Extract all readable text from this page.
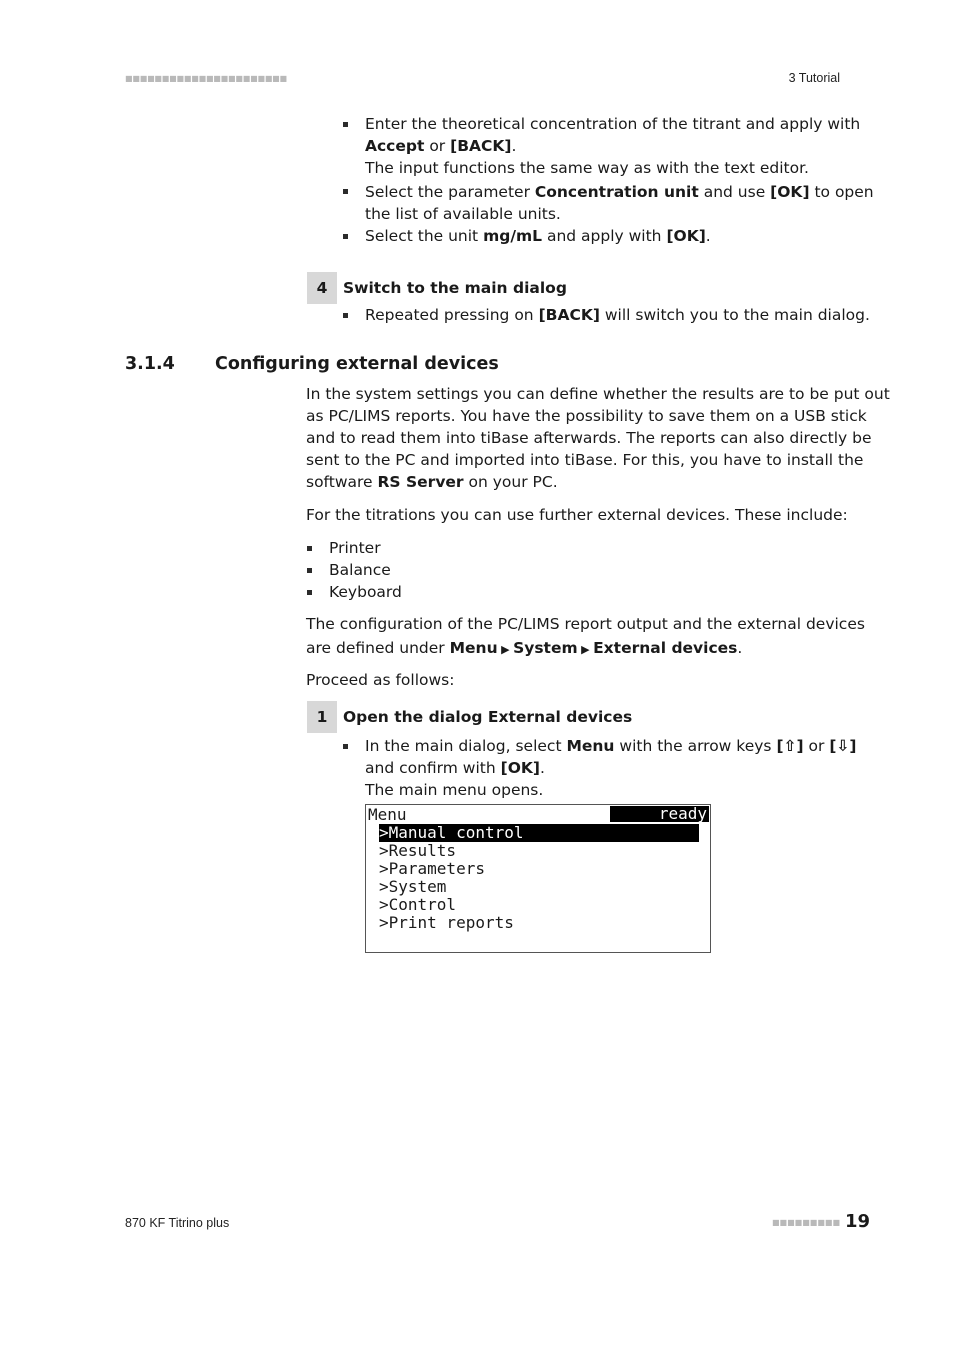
■■■■■■■■■■■■■■■■■■■■■■	3 Tutorial
Enter the theoretical concentration of the titrant and apply with
Accept or [BACK].
The input functions the same way as with the text editor.
Select the parameter Concentration unit and use [OK] to open
the list of available units.
Select the unit mg/mL and apply with [OK].
4	Switch to the main dialog
Repeated pressing on [BACK] will switch you to the main dialog.
3.1.4 Configuring external devices
In the system settings you can define whether the results are to be put out
as PC/LIMS reports. You have the possibility to save them on a USB stick
and to read them into tiBase afterwards. The reports can also directly be
sent to the PC and imported into tiBase. For this, you have to install the
software RS Server on your PC.
For the titrations you can use further external devices. These include:
Printer
Balance
Keyboard
The configuration of the PC/LIMS report output and the external devices
are defined under Menu ▶ System ▶ External devices.
Proceed as follows:
1	Open the dialog External devices
In the main dialog, select Menu with the arrow keys [⇧] or [⇩]
and confirm with [OK].
The main menu opens.
Menu	ready
>Manual control
>Results
>Parameters
>System
>Control
>Print reports
870 KF Titrino plus	■■■■■■■■■ 19
